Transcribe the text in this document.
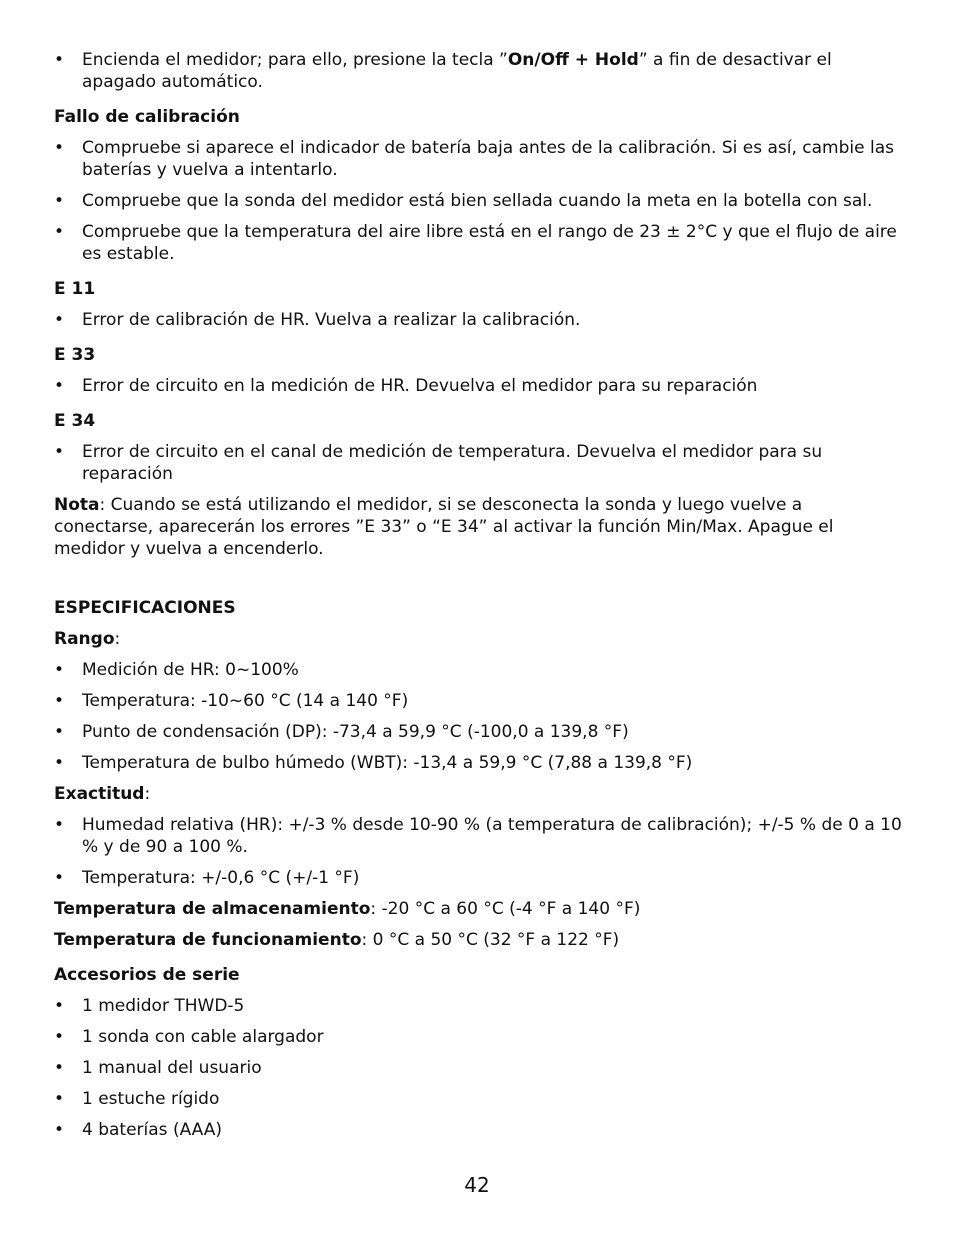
• Encienda el medidor; para ello, presione la tecla ”On/Off + Hold” a fin de desactivar el apagado automático.
Fallo de calibración
• Compruebe si aparece el indicador de batería baja antes de la calibración. Si es así, cambie las baterías y vuelva a intentarlo.
• Compruebe que la sonda del medidor está bien sellada cuando la meta en la botella con sal.
• Compruebe que la temperatura del aire libre está en el rango de 23 ± 2°C y que el flujo de aire es estable.
E 11
• Error de calibración de HR. Vuelva a realizar la calibración.
E 33
• Error de circuito en la medición de HR. Devuelva el medidor para su reparación
E 34
• Error de circuito en el canal de medición de temperatura. Devuelva el medidor para su reparación
Nota: Cuando se está utilizando el medidor, si se desconecta la sonda y luego vuelve a conectarse, aparecerán los errores ”E 33” o “E 34” al activar la función Min/Max. Apague el medidor y vuelva a encenderlo.
ESPECIFICACIONES
Rango:
• Medición de HR: 0~100%
• Temperatura: -10~60 °C (14 a 140 °F)
• Punto de condensación (DP): -73,4 a 59,9 °C (-100,0 a 139,8 °F)
• Temperatura de bulbo húmedo (WBT): -13,4 a 59,9 °C (7,88 a 139,8 °F)
Exactitud:
• Humedad relativa (HR): +/-3 % desde 10-90 % (a temperatura de calibración); +/-5 % de 0 a 10 % y de 90 a 100 %.
• Temperatura: +/-0,6 °C (+/-1 °F)
Temperatura de almacenamiento: -20 °C a 60 °C (-4 °F a 140 °F)
Temperatura de funcionamiento: 0 °C a 50 °C (32 °F a 122 °F)
Accesorios de serie
• 1 medidor THWD-5
• 1 sonda con cable alargador
• 1 manual del usuario
• 1 estuche rígido
• 4 baterías (AAA)
42
